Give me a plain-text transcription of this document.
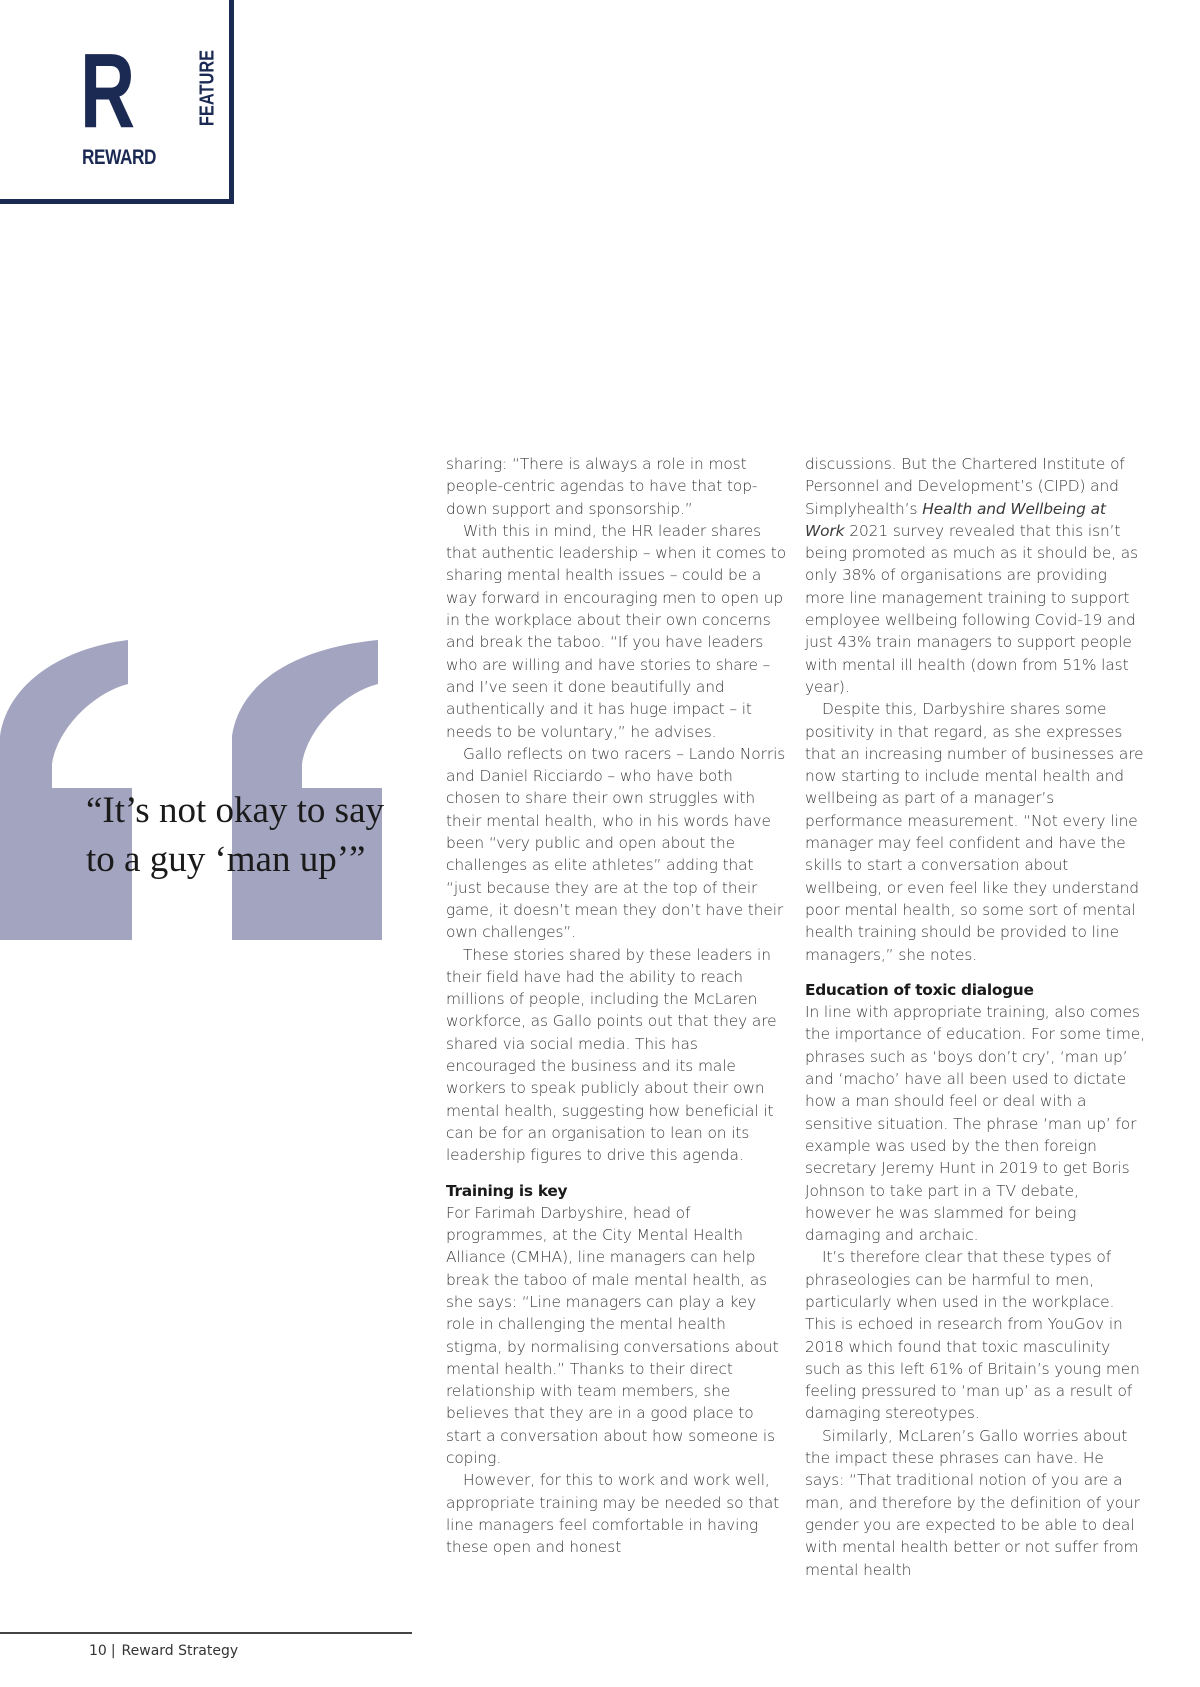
R
REWARD
FEATURE
“It’s not okay to say to a guy ‘man up’”

sharing: “There is always a role in most people-centric agendas to have that top-down support and sponsorship.”

With this in mind, the HR leader shares that authentic leadership – when it comes to sharing mental health issues – could be a way forward in encouraging men to open up in the workplace about their own concerns and break the taboo. “If you have leaders who are willing and have stories to share – and I’ve seen it done beautifully and authentically and it has huge impact – it needs to be voluntary,” he advises.

Gallo reflects on two racers – Lando Norris and Daniel Ricciardo – who have both chosen to share their own struggles with their mental health, who in his words have been “very public and open about the challenges as elite athletes” adding that “just because they are at the top of their game, it doesn’t mean they don’t have their own challenges”.

These stories shared by these leaders in their field have had the ability to reach millions of people, including the McLaren workforce, as Gallo points out that they are shared via social media. This has encouraged the business and its male workers to speak publicly about their own mental health, suggesting how beneficial it can be for an organisation to lean on its leadership figures to drive this agenda.

Training is key

For Farimah Darbyshire, head of programmes, at the City Mental Health Alliance (CMHA), line managers can help break the taboo of male mental health, as she says: “Line managers can play a key role in challenging the mental health stigma, by normalising conversations about mental health.” Thanks to their direct relationship with team members, she believes that they are in a good place to start a conversation about how someone is coping.

However, for this to work and work well, appropriate training may be needed so that line managers feel comfortable in having these open and honest

discussions. But the Chartered Institute of Personnel and Development’s (CIPD) and Simplyhealth’s Health and Wellbeing at Work 2021 survey revealed that this isn’t being promoted as much as it should be, as only 38% of organisations are providing more line management training to support employee wellbeing following Covid-19 and just 43% train managers to support people with mental ill health (down from 51% last year).

Despite this, Darbyshire shares some positivity in that regard, as she expresses that an increasing number of businesses are now starting to include mental health and wellbeing as part of a manager’s performance measurement. “Not every line manager may feel confident and have the skills to start a conversation about wellbeing, or even feel like they understand poor mental health, so some sort of mental health training should be provided to line managers,” she notes.

Education of toxic dialogue

In line with appropriate training, also comes the importance of education. For some time, phrases such as ‘boys don’t cry’, ‘man up’ and ‘macho’ have all been used to dictate how a man should feel or deal with a sensitive situation. The phrase ‘man up’ for example was used by the then foreign secretary Jeremy Hunt in 2019 to get Boris Johnson to take part in a TV debate, however he was slammed for being damaging and archaic.

It’s therefore clear that these types of phraseologies can be harmful to men, particularly when used in the workplace. This is echoed in research from YouGov in 2018 which found that toxic masculinity such as this left 61% of Britain’s young men feeling pressured to ‘man up’ as a result of damaging stereotypes.

Similarly, McLaren’s Gallo worries about the impact these phrases can have. He says: “That traditional notion of you are a man, and therefore by the definition of your gender you are expected to be able to deal with mental health better or not suffer from mental health

10 | Reward Strategy
